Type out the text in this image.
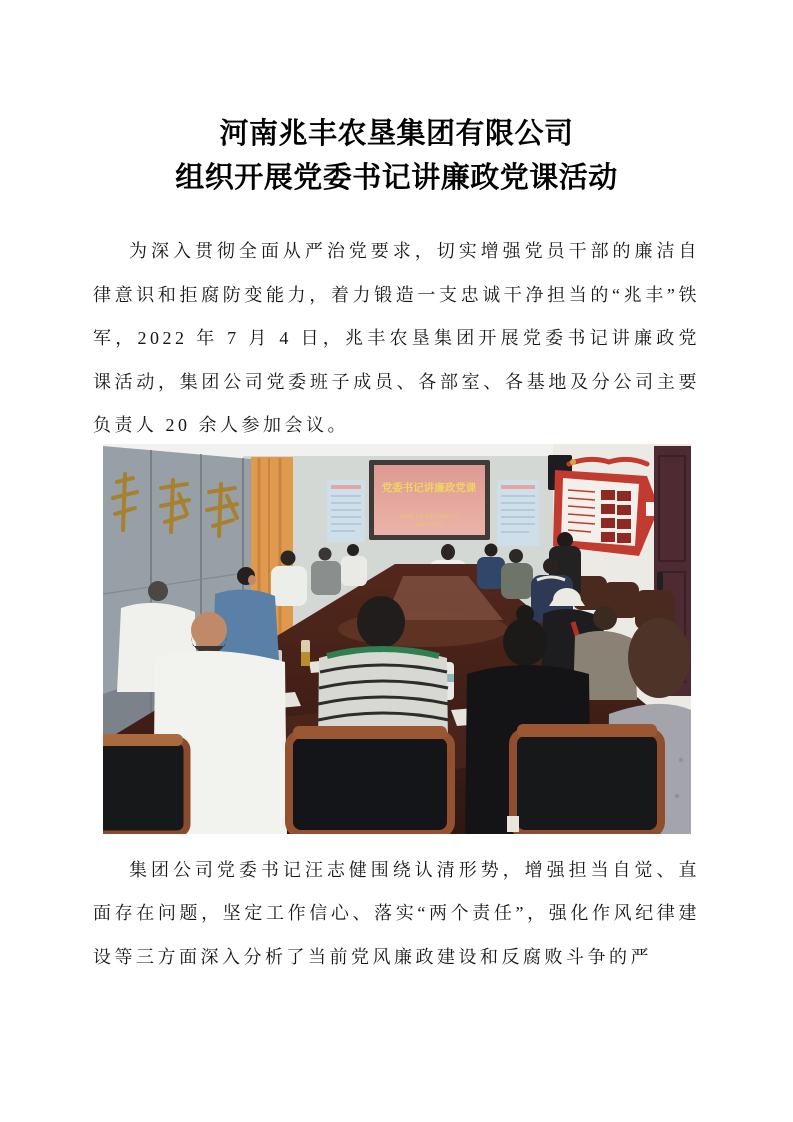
河南兆丰农垦集团有限公司
组织开展党委书记讲廉政党课活动

为深入贯彻全面从严治党要求，切实增强党员干部的廉洁自律意识和拒腐防变能力，着力锻造一支忠诚干净担当的“兆丰”铁军，2022 年 7 月 4 日，兆丰农垦集团开展党委书记讲廉政党课活动，集团公司党委班子成员、各部室、各基地及分公司主要负责人 20 余人参加会议。

党委书记讲廉政党课
河南兆丰农垦集团有限公司
2022年7月4日

集团公司党委书记汪志健围绕认清形势，增强担当自觉、直面存在问题，坚定工作信心、落实“两个责任”，强化作风纪律建设等三方面深入分析了当前党风廉政建设和反腐败斗争的严
